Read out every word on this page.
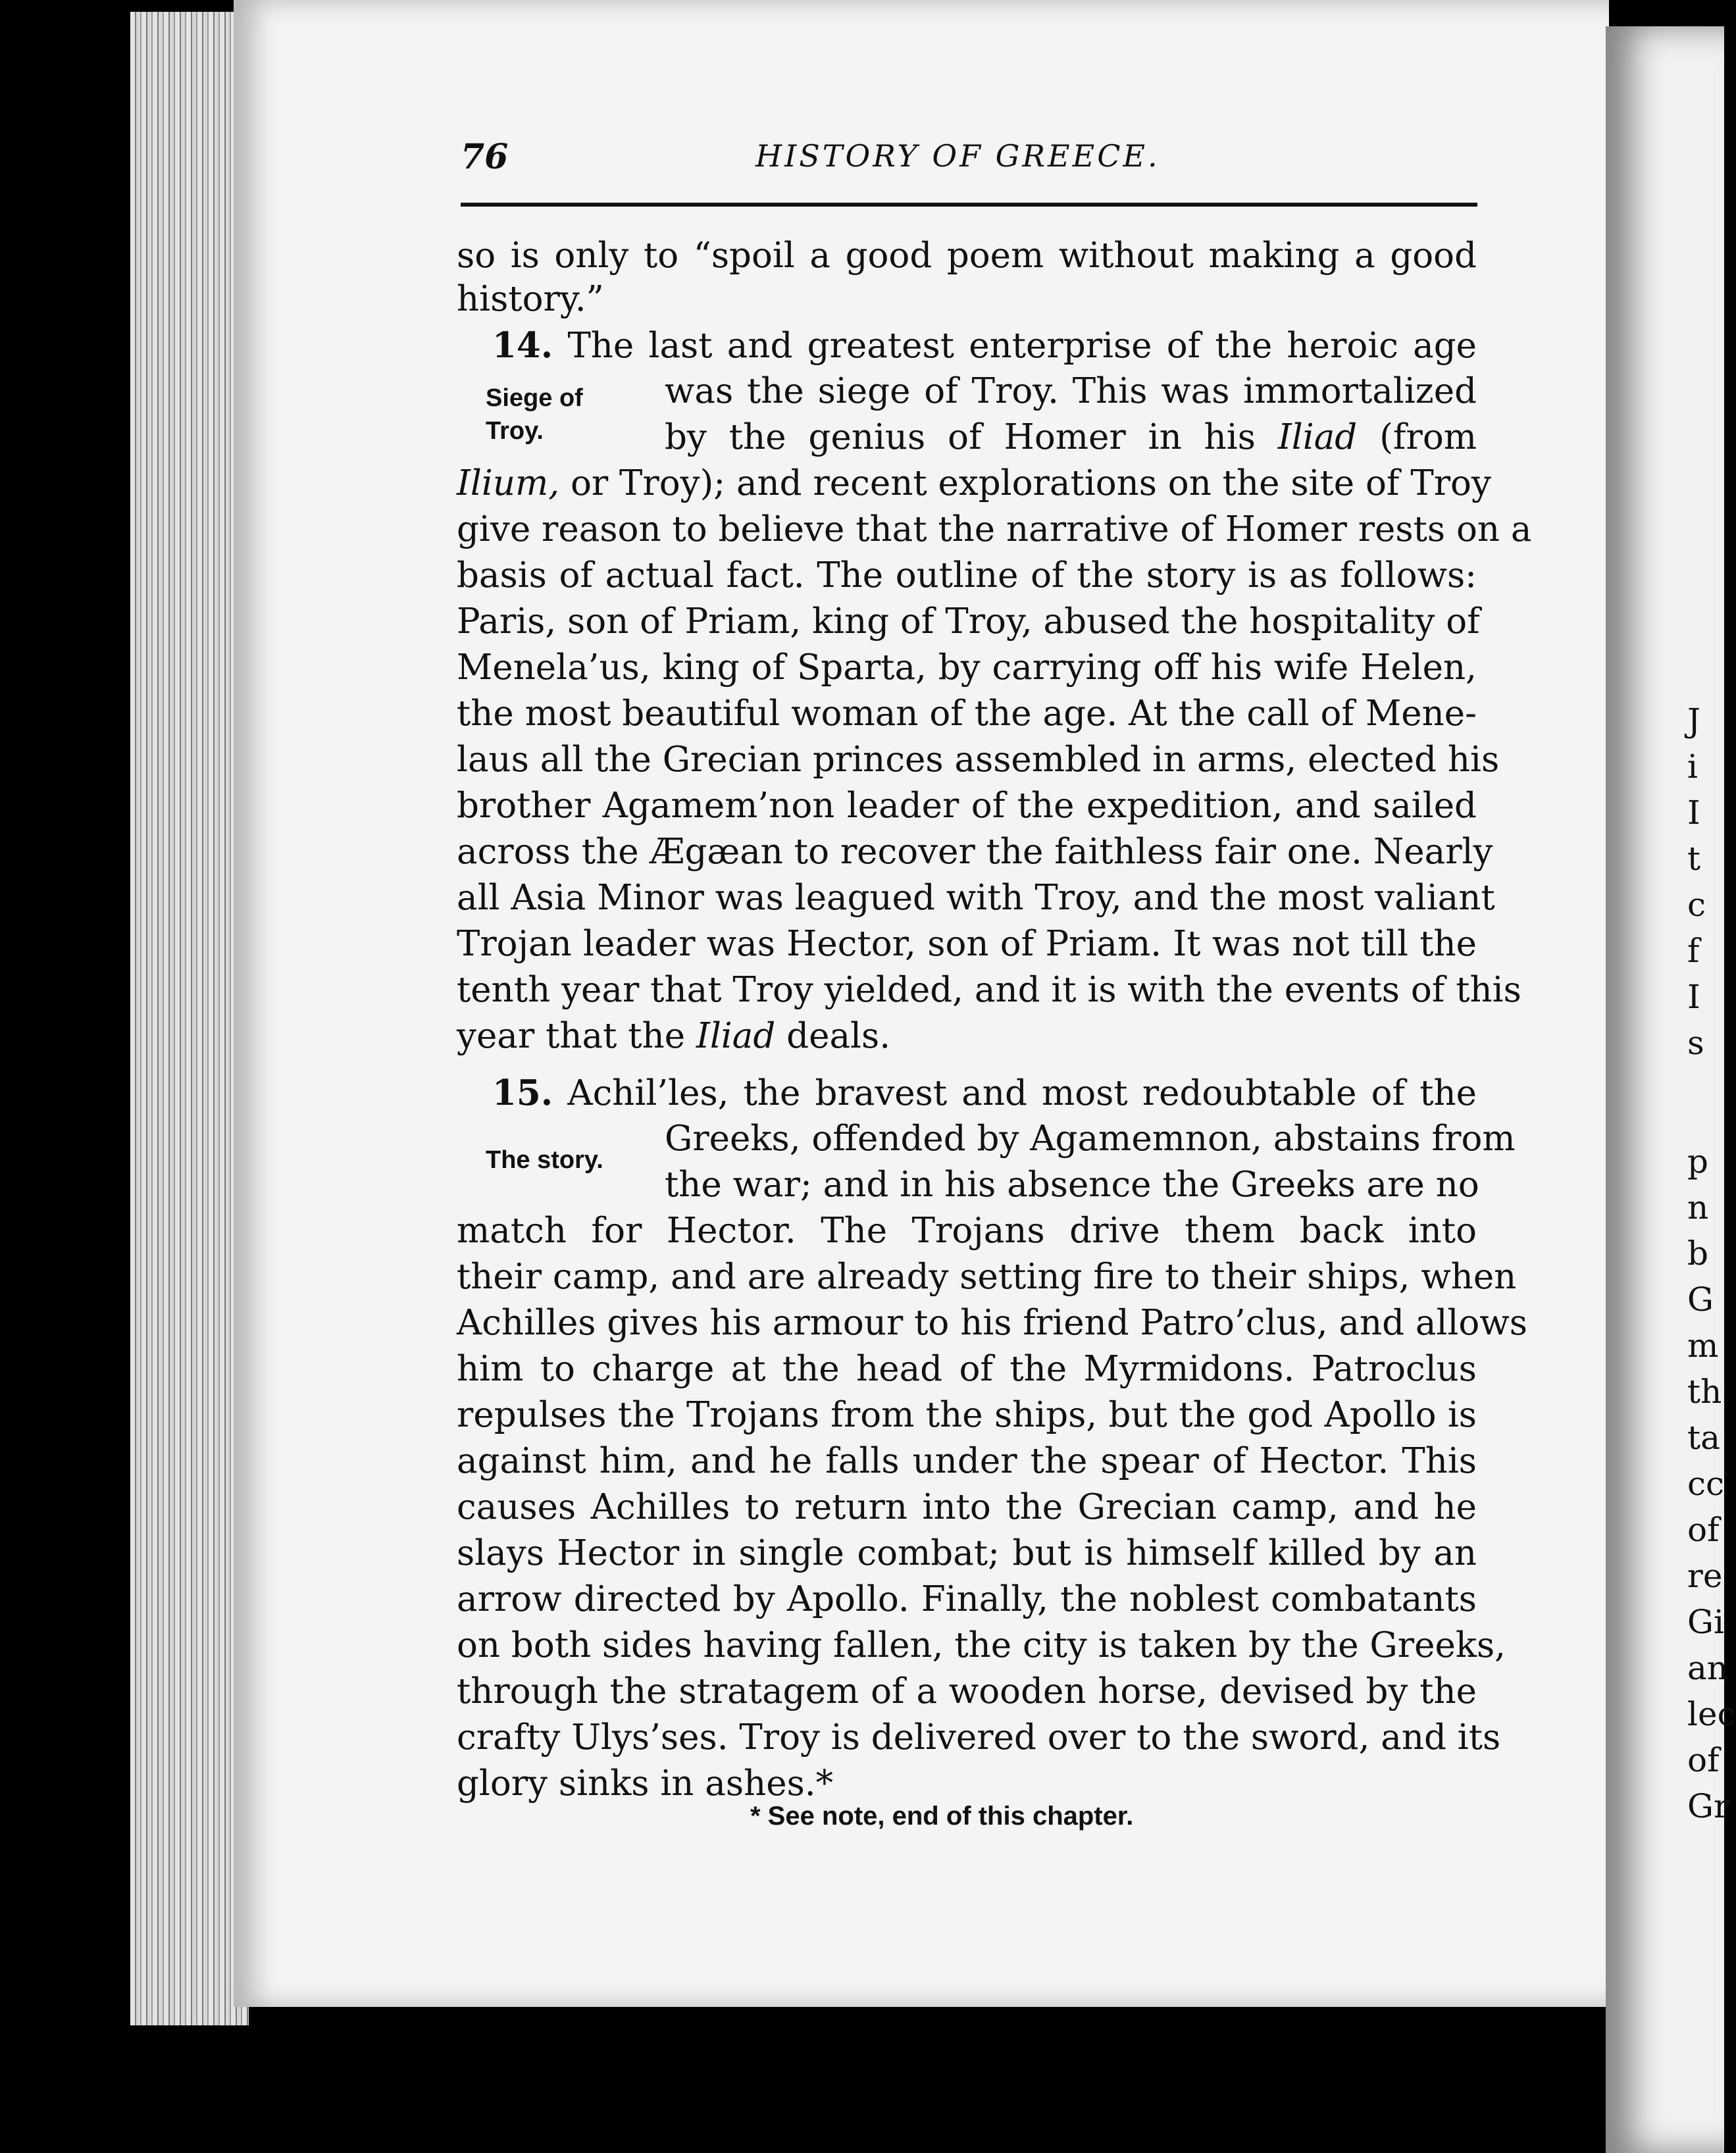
J
i
I
t
c
f
I
s
p
n
b
G
m
th
ta
cc
of
re
Gi
an
lec
of
Gr
76	HISTORY OF GREECE.
so is only to “spoil a good poem without making a good
history.”
14. The last and greatest enterprise of the heroic age
was the siege of Troy. This was immortalized
by the genius of Homer in his Iliad (from
Ilium, or Troy); and recent explorations on the site of Troy
give reason to believe that the narrative of Homer rests on a
basis of actual fact. The outline of the story is as follows:
Paris, son of Priam, king of Troy, abused the hospitality of
Menela’us, king of Sparta, by carrying off his wife Helen,
the most beautiful woman of the age. At the call of Mene-
laus all the Grecian princes assembled in arms, elected his
brother Agamem’non leader of the expedition, and sailed
across the Ægæan to recover the faithless fair one. Nearly
all Asia Minor was leagued with Troy, and the most valiant
Trojan leader was Hector, son of Priam. It was not till the
tenth year that Troy yielded, and it is with the events of this
year that the Iliad deals.
15. Achil’les, the bravest and most redoubtable of the
Greeks, offended by Agamemnon, abstains from
the war; and in his absence the Greeks are no
match for Hector. The Trojans drive them back into
their camp, and are already setting fire to their ships, when
Achilles gives his armour to his friend Patro’clus, and allows
him to charge at the head of the Myrmidons. Patroclus
repulses the Trojans from the ships, but the god Apollo is
against him, and he falls under the spear of Hector. This
causes Achilles to return into the Grecian camp, and he
slays Hector in single combat; but is himself killed by an
arrow directed by Apollo. Finally, the noblest combatants
on both sides having fallen, the city is taken by the Greeks,
through the stratagem of a wooden horse, devised by the
crafty Ulys’ses. Troy is delivered over to the sword, and its
glory sinks in ashes.*
Siege of
Troy.
The story.
* See note, end of this chapter.
